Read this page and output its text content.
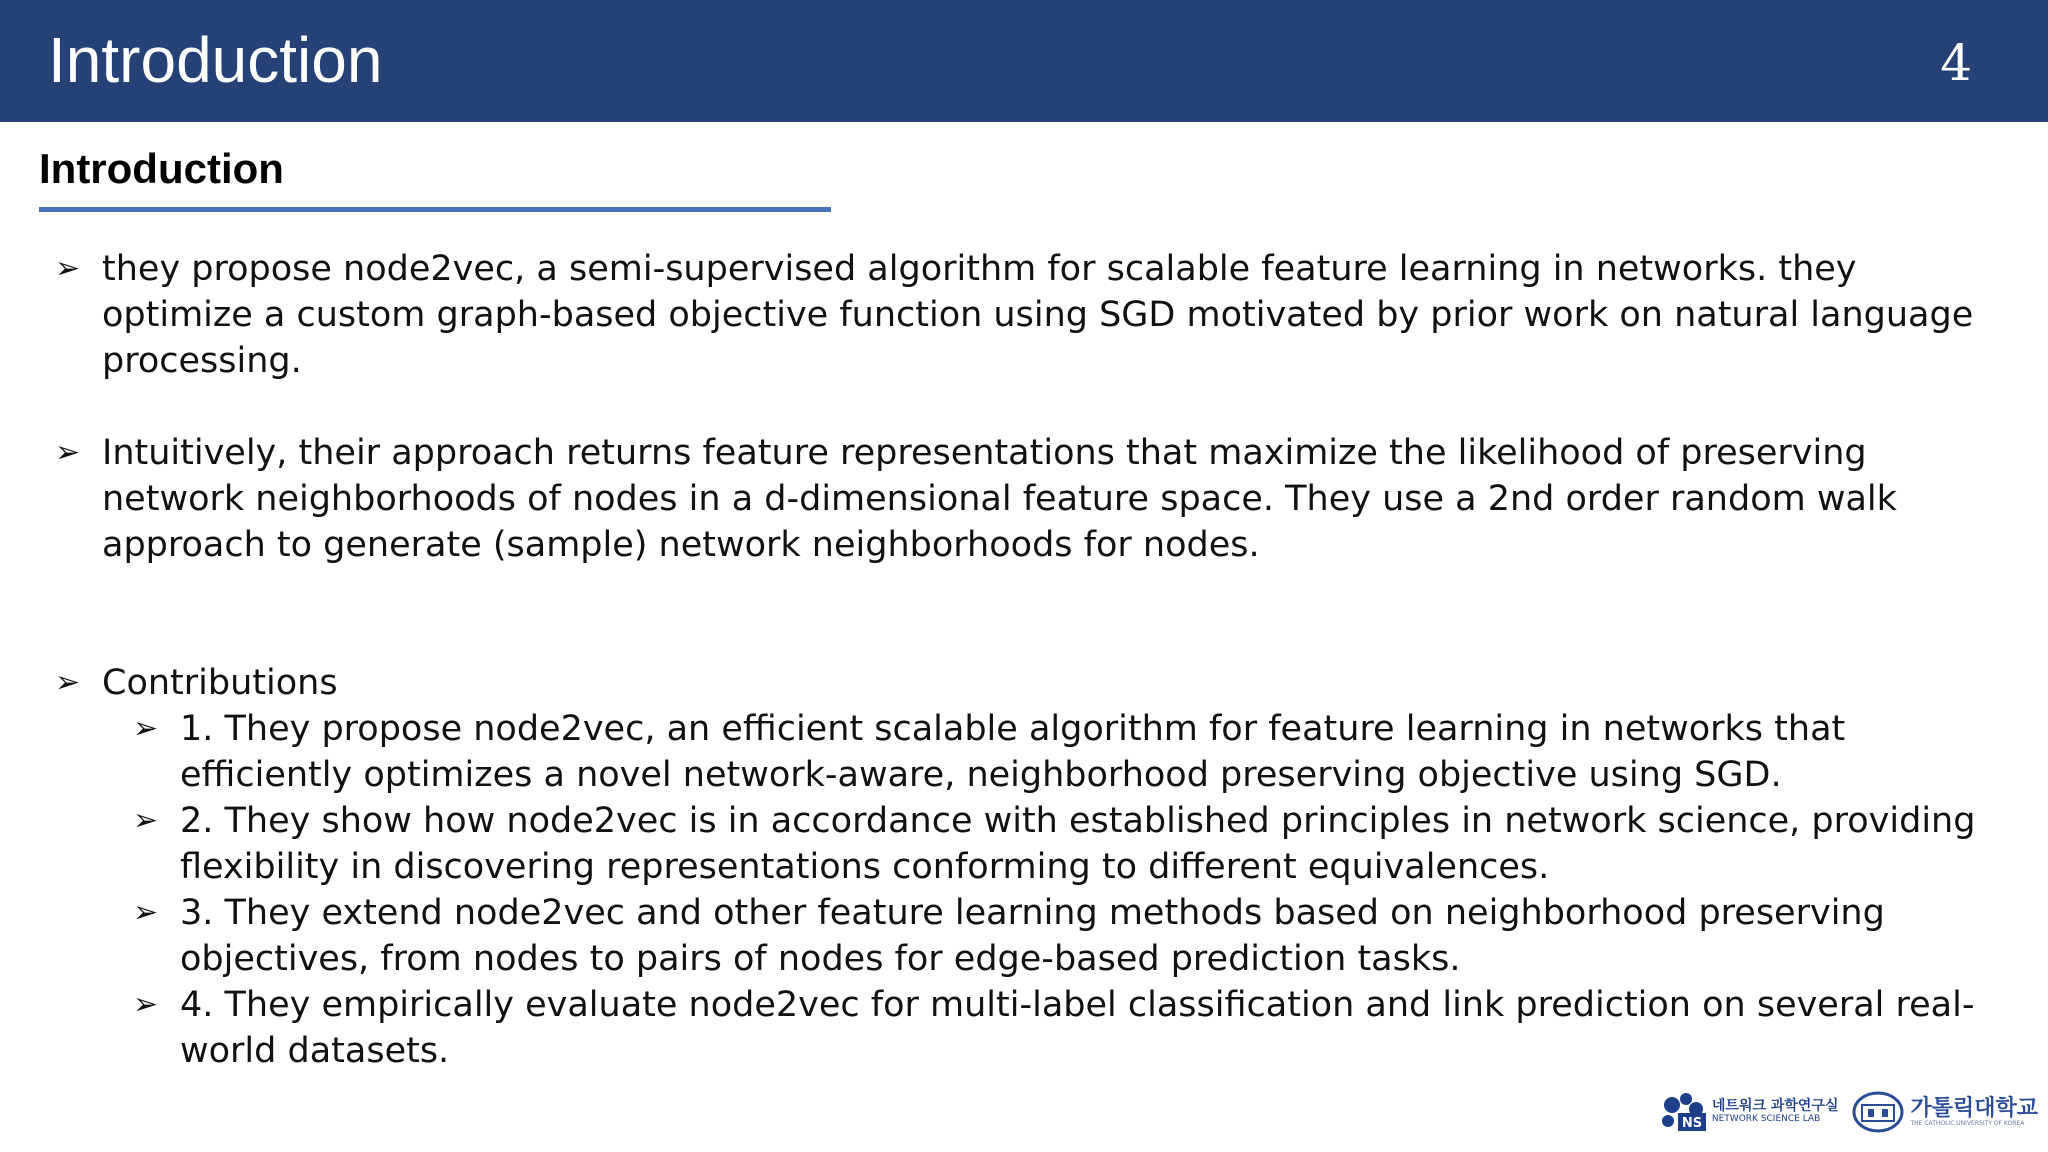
Introduction	4
Introduction
➢ they propose node2vec, a semi-supervised algorithm for scalable feature learning in networks. they optimize a custom graph-based objective function using SGD motivated by prior work on natural language processing.
➢ Intuitively, their approach returns feature representations that maximize the likelihood of preserving network neighborhoods of nodes in a d-dimensional feature space. They use a 2nd order random walk approach to generate (sample) network neighborhoods for nodes.
➢ Contributions
➢ 1. They propose node2vec, an efficient scalable algorithm for feature learning in networks that efficiently optimizes a novel network-aware, neighborhood preserving objective using SGD.
➢ 2. They show how node2vec is in accordance with established principles in network science, providing flexibility in discovering representations conforming to different equivalences.
➢ 3. They extend node2vec and other feature learning methods based on neighborhood preserving objectives, from nodes to pairs of nodes for edge-based prediction tasks.
➢ 4. They empirically evaluate node2vec for multi-label classification and link prediction on several real-world datasets.
NS
네트워크 과학연구실
NETWORK SCIENCE LAB	가톨릭대학교
THE CATHOLIC UNIVERSITY OF KOREA
